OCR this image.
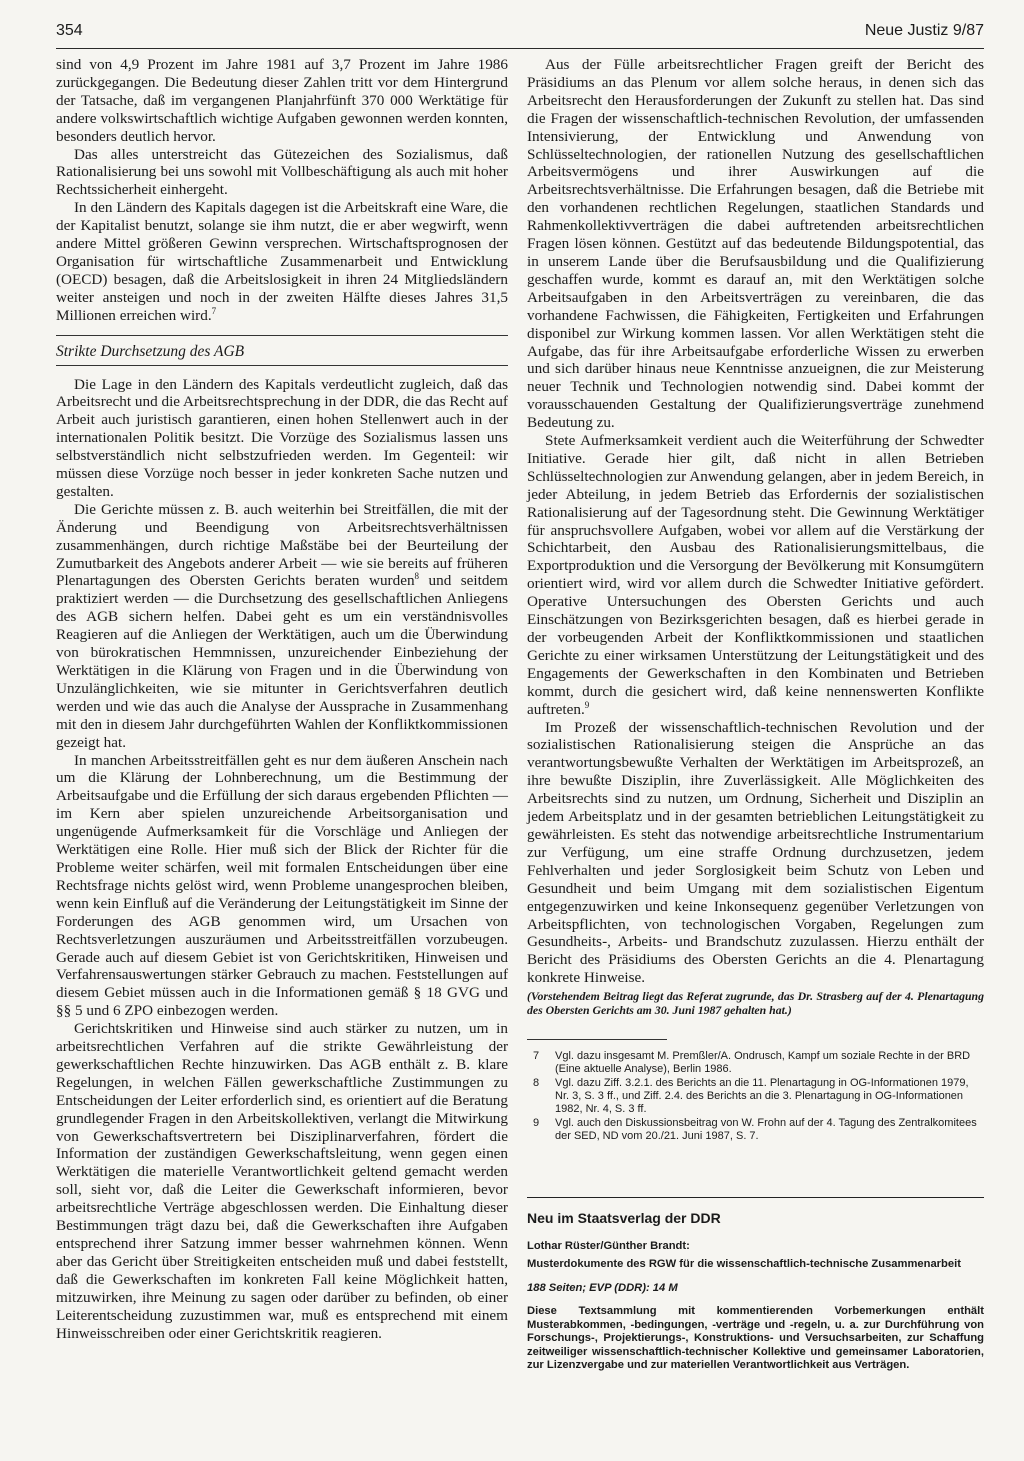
354	Neue Justiz 9/87

sind von 4,9 Prozent im Jahre 1981 auf 3,7 Prozent im Jahre 1986 zurückgegangen. Die Bedeutung dieser Zahlen tritt vor dem Hintergrund der Tatsache, daß im vergangenen Planjahrfünft 370 000 Werktätige für andere volkswirtschaftlich wichtige Aufgaben gewonnen werden konnten, besonders deutlich hervor.

Das alles unterstreicht das Gütezeichen des Sozialismus, daß Rationalisierung bei uns sowohl mit Vollbeschäftigung als auch mit hoher Rechtssicherheit einhergeht.

In den Ländern des Kapitals dagegen ist die Arbeitskraft eine Ware, die der Kapitalist benutzt, solange sie ihm nutzt, die er aber wegwirft, wenn andere Mittel größeren Gewinn versprechen. Wirtschaftsprognosen der Organisation für wirtschaftliche Zusammenarbeit und Entwicklung (OECD) besagen, daß die Arbeitslosigkeit in ihren 24 Mitgliedsländern weiter ansteigen und noch in der zweiten Hälfte dieses Jahres 31,5 Millionen erreichen wird.$^7$

Strikte Durchsetzung des AGB

Die Lage in den Ländern des Kapitals verdeutlicht zugleich, daß das Arbeitsrecht und die Arbeitsrechtsprechung in der DDR, die das Recht auf Arbeit auch juristisch garantieren, einen hohen Stellenwert auch in der internationalen Politik besitzt. Die Vorzüge des Sozialismus lassen uns selbstverständlich nicht selbstzufrieden werden. Im Gegenteil: wir müssen diese Vorzüge noch besser in jeder konkreten Sache nutzen und gestalten.

Die Gerichte müssen z. B. auch weiterhin bei Streitfällen, die mit der Änderung und Beendigung von Arbeitsrechtsverhältnissen zusammenhängen, durch richtige Maßstäbe bei der Beurteilung der Zumutbarkeit des Angebots anderer Arbeit — wie sie bereits auf früheren Plenartagungen des Obersten Gerichts beraten wurden$^8$ und seitdem praktiziert werden — die Durchsetzung des gesellschaftlichen Anliegens des AGB sichern helfen. Dabei geht es um ein verständnisvolles Reagieren auf die Anliegen der Werktätigen, auch um die Überwindung von bürokratischen Hemmnissen, unzureichender Einbeziehung der Werktätigen in die Klärung von Fragen und in die Überwindung von Unzulänglichkeiten, wie sie mitunter in Gerichtsverfahren deutlich werden und wie das auch die Analyse der Aussprache in Zusammenhang mit den in diesem Jahr durchgeführten Wahlen der Konfliktkommissionen gezeigt hat.

In manchen Arbeitsstreitfällen geht es nur dem äußeren Anschein nach um die Klärung der Lohnberechnung, um die Bestimmung der Arbeitsaufgabe und die Erfüllung der sich daraus ergebenden Pflichten — im Kern aber spielen unzureichende Arbeitsorganisation und ungenügende Aufmerksamkeit für die Vorschläge und Anliegen der Werktätigen eine Rolle. Hier muß sich der Blick der Richter für die Probleme weiter schärfen, weil mit formalen Entscheidungen über eine Rechtsfrage nichts gelöst wird, wenn Probleme unangesprochen bleiben, wenn kein Einfluß auf die Veränderung der Leitungstätigkeit im Sinne der Forderungen des AGB genommen wird, um Ursachen von Rechtsverletzungen auszuräumen und Arbeitsstreitfällen vorzubeugen. Gerade auch auf diesem Gebiet ist von Gerichtskritiken, Hinweisen und Verfahrensauswertungen stärker Gebrauch zu machen. Feststellungen auf diesem Gebiet müssen auch in die Informationen gemäß § 18 GVG und §§ 5 und 6 ZPO einbezogen werden.

Gerichtskritiken und Hinweise sind auch stärker zu nutzen, um in arbeitsrechtlichen Verfahren auf die strikte Gewährleistung der gewerkschaftlichen Rechte hinzuwirken. Das AGB enthält z. B. klare Regelungen, in welchen Fällen gewerkschaftliche Zustimmungen zu Entscheidungen der Leiter erforderlich sind, es orientiert auf die Beratung grundlegender Fragen in den Arbeitskollektiven, verlangt die Mitwirkung von Gewerkschaftsvertretern bei Disziplinarverfahren, fördert die Information der zuständigen Gewerkschaftsleitung, wenn gegen einen Werktätigen die materielle Verantwortlichkeit geltend gemacht werden soll, sieht vor, daß die Leiter die Gewerkschaft informieren, bevor arbeitsrechtliche Verträge abgeschlossen werden. Die Einhaltung dieser Bestimmungen trägt dazu bei, daß die Gewerkschaften ihre Aufgaben entsprechend ihrer Satzung immer besser wahrnehmen können. Wenn aber das Gericht über Streitigkeiten entscheiden muß und dabei feststellt, daß die Gewerkschaften im konkreten Fall keine Möglichkeit hatten, mitzuwirken, ihre Meinung zu sagen oder darüber zu befinden, ob einer Leiterentscheidung zuzustimmen war, muß es entsprechend mit einem Hinweisschreiben oder einer Gerichtskritik reagieren.

Aus der Fülle arbeitsrechtlicher Fragen greift der Bericht des Präsidiums an das Plenum vor allem solche heraus, in denen sich das Arbeitsrecht den Herausforderungen der Zukunft zu stellen hat. Das sind die Fragen der wissenschaftlich-technischen Revolution, der umfassenden Intensivierung, der Entwicklung und Anwendung von Schlüsseltechnologien, der rationellen Nutzung des gesellschaftlichen Arbeitsvermögens und ihrer Auswirkungen auf die Arbeitsrechtsverhältnisse. Die Erfahrungen besagen, daß die Betriebe mit den vorhandenen rechtlichen Regelungen, staatlichen Standards und Rahmenkollektivverträgen die dabei auftretenden arbeitsrechtlichen Fragen lösen können. Gestützt auf das bedeutende Bildungspotential, das in unserem Lande über die Berufsausbildung und die Qualifizierung geschaffen wurde, kommt es darauf an, mit den Werktätigen solche Arbeitsaufgaben in den Arbeitsverträgen zu vereinbaren, die das vorhandene Fachwissen, die Fähigkeiten, Fertigkeiten und Erfahrungen disponibel zur Wirkung kommen lassen. Vor allen Werktätigen steht die Aufgabe, das für ihre Arbeitsaufgabe erforderliche Wissen zu erwerben und sich darüber hinaus neue Kenntnisse anzueignen, die zur Meisterung neuer Technik und Technologien notwendig sind. Dabei kommt der vorausschauenden Gestaltung der Qualifizierungsverträge zunehmend Bedeutung zu.

Stete Aufmerksamkeit verdient auch die Weiterführung der Schwedter Initiative. Gerade hier gilt, daß nicht in allen Betrieben Schlüsseltechnologien zur Anwendung gelangen, aber in jedem Bereich, in jeder Abteilung, in jedem Betrieb das Erfordernis der sozialistischen Rationalisierung auf der Tagesordnung steht. Die Gewinnung Werktätiger für anspruchsvollere Aufgaben, wobei vor allem auf die Verstärkung der Schichtarbeit, den Ausbau des Rationalisierungsmittelbaus, die Exportproduktion und die Versorgung der Bevölkerung mit Konsumgütern orientiert wird, wird vor allem durch die Schwedter Initiative gefördert. Operative Untersuchungen des Obersten Gerichts und auch Einschätzungen von Bezirksgerichten besagen, daß es hierbei gerade in der vorbeugenden Arbeit der Konfliktkommissionen und staatlichen Gerichte zu einer wirksamen Unterstützung der Leitungstätigkeit und des Engagements der Gewerkschaften in den Kombinaten und Betrieben kommt, durch die gesichert wird, daß keine nennenswerten Konflikte auftreten.$^9$

Im Prozeß der wissenschaftlich-technischen Revolution und der sozialistischen Rationalisierung steigen die Ansprüche an das verantwortungsbewußte Verhalten der Werktätigen im Arbeitsprozeß, an ihre bewußte Disziplin, ihre Zuverlässigkeit. Alle Möglichkeiten des Arbeitsrechts sind zu nutzen, um Ordnung, Sicherheit und Disziplin an jedem Arbeitsplatz und in der gesamten betrieblichen Leitungstätigkeit zu gewährleisten. Es steht das notwendige arbeitsrechtliche Instrumentarium zur Verfügung, um eine straffe Ordnung durchzusetzen, jedem Fehlverhalten und jeder Sorglosigkeit beim Schutz von Leben und Gesundheit und beim Umgang mit dem sozialistischen Eigentum entgegenzuwirken und keine Inkonsequenz gegenüber Verletzungen von Arbeitspflichten, von technologischen Vorgaben, Regelungen zum Gesundheits-, Arbeits- und Brandschutz zuzulassen. Hierzu enthält der Bericht des Präsidiums des Obersten Gerichts an die 4. Plenartagung konkrete Hinweise.

(Vorstehendem Beitrag liegt das Referat zugrunde, das Dr. Strasberg auf der 4. Plenartagung des Obersten Gerichts am 30. Juni 1987 gehalten hat.)

7	Vgl. dazu insgesamt M. Premßler/A. Ondrusch, Kampf um soziale Rechte in der BRD (Eine aktuelle Analyse), Berlin 1986.
8	Vgl. dazu Ziff. 3.2.1. des Berichts an die 11. Plenartagung in OG-Informationen 1979, Nr. 3, S. 3 ff., und Ziff. 2.4. des Berichts an die 3. Plenartagung in OG-Informationen 1982, Nr. 4, S. 3 ff.
9	Vgl. auch den Diskussionsbeitrag von W. Frohn auf der 4. Tagung des Zentralkomitees der SED, ND vom 20./21. Juni 1987, S. 7.
Neu im Staatsverlag der DDR
Lothar Rüster/Günther Brandt:
Musterdokumente des RGW für die wissenschaftlich-technische Zusammenarbeit
188 Seiten; EVP (DDR): 14 M
Diese Textsammlung mit kommentierenden Vorbemerkungen enthält Musterabkommen, -bedingungen, -verträge und -regeln, u. a. zur Durchführung von Forschungs-, Projektierungs-, Konstruktions- und Versuchsarbeiten, zur Schaffung zeitweiliger wissenschaftlich-technischer Kollektive und gemeinsamer Laboratorien, zur Lizenzvergabe und zur materiellen Verantwortlichkeit aus Verträgen.
